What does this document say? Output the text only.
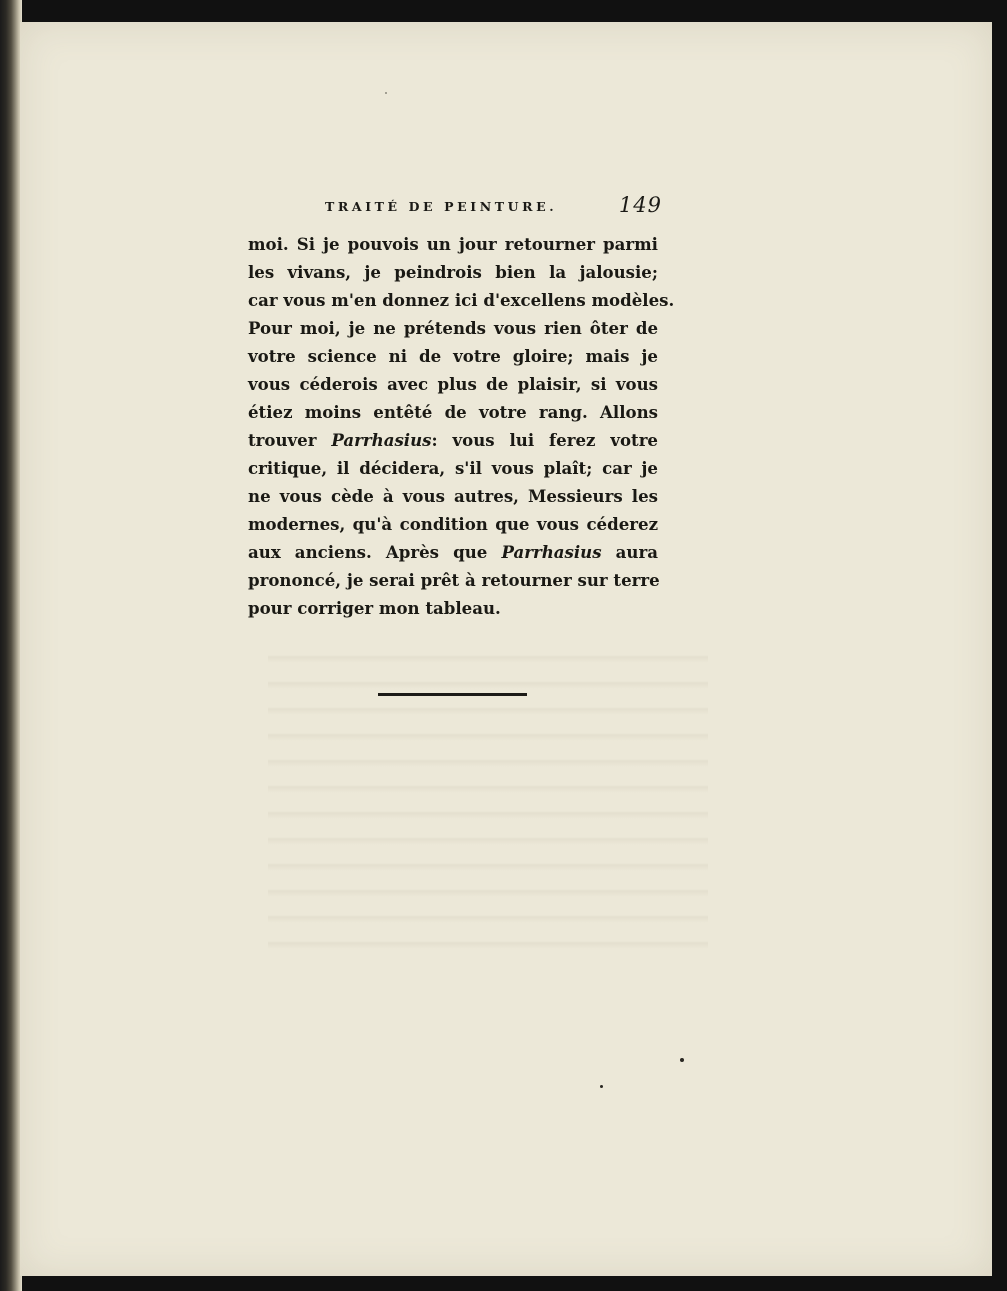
TRAITÉ DE PEINTURE.	149
moi. Si je pouvois un jour retourner parmi
les vivans, je peindrois bien la jalousie;
car vous m'en donnez ici d'excellens modèles.
Pour moi, je ne prétends vous rien ôter de
votre science ni de votre gloire; mais je
vous céderois avec plus de plaisir, si vous
étiez moins entêté de votre rang. Allons
trouver Parrhasius: vous lui ferez votre
critique, il décidera, s'il vous plaît; car je
ne vous cède à vous autres, Messieurs les
modernes, qu'à condition que vous céderez
aux anciens. Après que Parrhasius aura
prononcé, je serai prêt à retourner sur terre
pour corriger mon tableau.
